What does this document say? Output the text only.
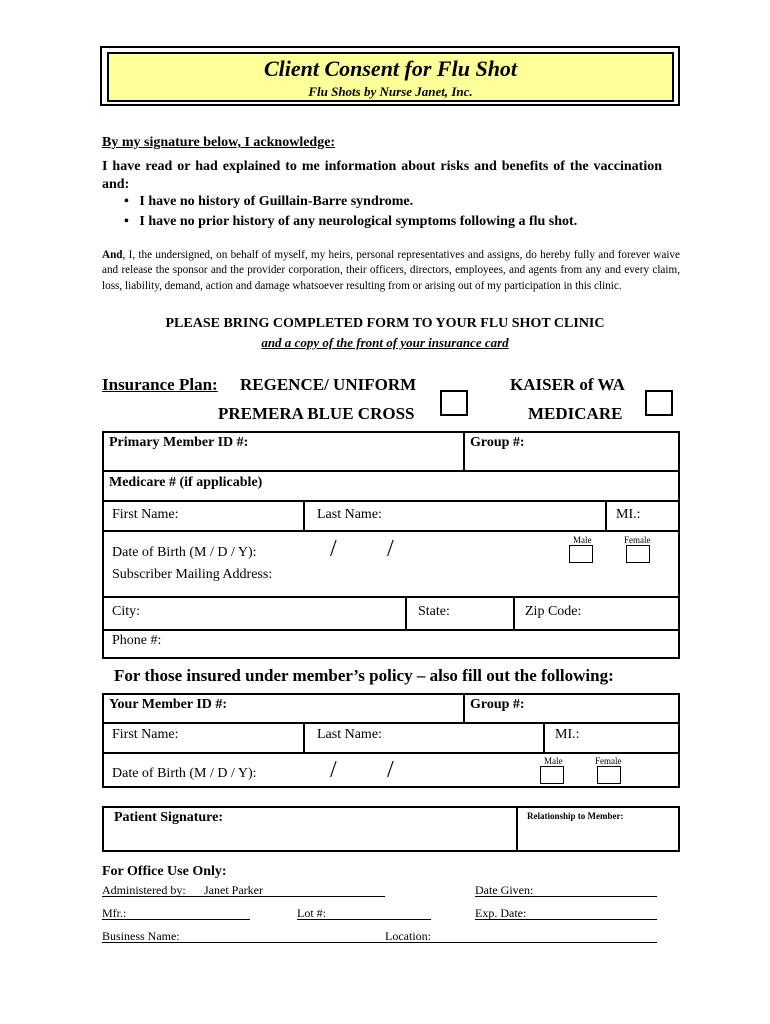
Client Consent for Flu Shot
Flu Shots by Nurse Janet, Inc.
By my signature below, I acknowledge:
I have read or had explained to me information about risks and benefits of the vaccination and:
•   I have no history of Guillain-Barre syndrome.
•   I have no prior history of any neurological symptoms following a flu shot.
And, I, the undersigned, on behalf of myself, my heirs, personal representatives and assigns, do hereby fully and forever waive and release the sponsor and the provider corporation, their officers, directors, employees, and agents from any and every claim, loss, liability, demand, action and damage whatsoever resulting from or arising out of my participation in this clinic.
PLEASE BRING COMPLETED FORM TO YOUR FLU SHOT CLINIC
and a copy of the front of your insurance card
Insurance Plan: REGENCE/ UNIFORM	KAISER of WA
PREMERA BLUE CROSS	MEDICARE
Primary Member ID #:	Group #:
Medicare # (if applicable)
First Name:	Last Name:	MI.:
Male	Female
Date of Birth (M / D / Y):	/ /
Subscriber Mailing Address:
City:	State:	Zip Code:
Phone #:
For those insured under member’s policy – also fill out the following:
Your Member ID #:	Group #:
First Name:	Last Name:	MI.:
Male	Female
Date of Birth (M / D / Y):	/ /
Patient Signature:	Relationship to Member:
For Office Use Only:
Administered by: Janet Parker	Date Given:
Mfr.:	Lot #:	Exp. Date:
Business Name:	Location:
